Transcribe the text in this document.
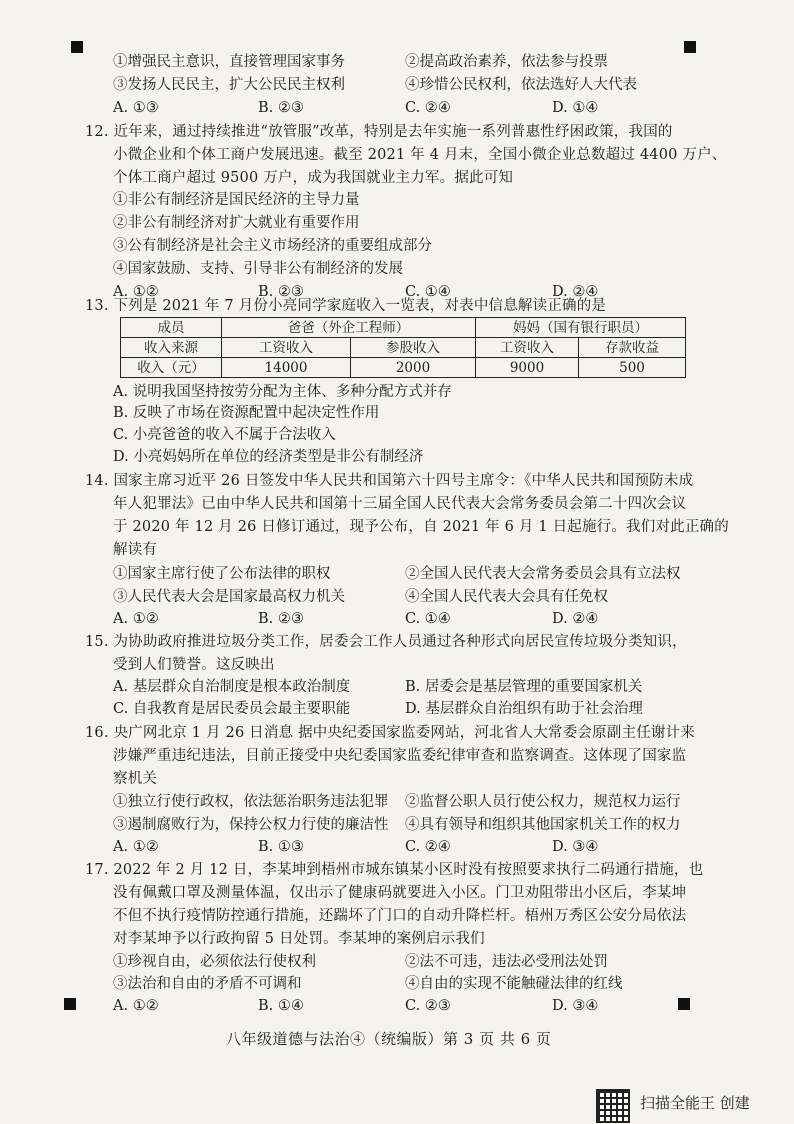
①增强民主意识，直接管理国家事务	②提高政治素养，依法参与投票
③发扬人民民主，扩大公民民主权利	④珍惜公民权利，依法选好人大代表
A. ①③	B. ②③	C. ②④	D. ①④
12. 近年来，通过持续推进“放管服”改革，特别是去年实施一系列普惠性纾困政策，我国的
小微企业和个体工商户发展迅速。截至 2021 年 4 月末，全国小微企业总数超过 4400 万户、
个体工商户超过 9500 万户，成为我国就业主力军。据此可知
①非公有制经济是国民经济的主导力量
②非公有制经济对扩大就业有重要作用
③公有制经济是社会主义市场经济的重要组成部分
④国家鼓励、支持、引导非公有制经济的发展
A. ①②	B. ②③	C. ①④	D. ②④
13. 下列是 2021 年 7 月份小亮同学家庭收入一览表，对表中信息解读正确的是
成员	爸爸（外企工程师）		妈妈（国有银行职员）	
收入来源	工资收入	参股收入	工资收入	存款收益
收入（元）	14000	2000	9000	500
A. 说明我国坚持按劳分配为主体、多种分配方式并存
B. 反映了市场在资源配置中起决定性作用
C. 小亮爸爸的收入不属于合法收入
D. 小亮妈妈所在单位的经济类型是非公有制经济
14. 国家主席习近平 26 日签发中华人民共和国第六十四号主席令：《中华人民共和国预防未成
年人犯罪法》已由中华人民共和国第十三届全国人民代表大会常务委员会第二十四次会议
于 2020 年 12 月 26 日修订通过，现予公布，自 2021 年 6 月 1 日起施行。我们对此正确的
解读有
①国家主席行使了公布法律的职权	②全国人民代表大会常务委员会具有立法权
③人民代表大会是国家最高权力机关	④全国人民代表大会具有任免权
A. ①②	B. ②③	C. ①④	D. ②④
15. 为协助政府推进垃圾分类工作，居委会工作人员通过各种形式向居民宣传垃圾分类知识，
受到人们赞誉。这反映出
A. 基层群众自治制度是根本政治制度	B. 居委会是基层管理的重要国家机关
C. 自我教育是居民委员会最主要职能	D. 基层群众自治组织有助于社会治理
16. 央广网北京 1 月 26 日消息 据中央纪委国家监委网站，河北省人大常委会原副主任谢计来
涉嫌严重违纪违法，目前正接受中央纪委国家监委纪律审查和监察调查。这体现了国家监
察机关
①独立行使行政权，依法惩治职务违法犯罪 ②监督公职人员行使公权力，规范权力运行
③遏制腐败行为，保持公权力行使的廉洁性 ④具有领导和组织其他国家机关工作的权力
A. ①②	B. ①③	C. ②④	D. ③④
17. 2022 年 2 月 12 日，李某坤到梧州市城东镇某小区时没有按照要求执行二码通行措施，也
没有佩戴口罩及测量体温，仅出示了健康码就要进入小区。门卫劝阻带出小区后，李某坤
不但不执行疫情防控通行措施，还踹坏了门口的自动升降栏杆。梧州万秀区公安分局依法
对李某坤予以行政拘留 5 日处罚。李某坤的案例启示我们
①珍视自由，必须依法行使权利	②法不可违，违法必受刑法处罚
③法治和自由的矛盾不可调和	④自由的实现不能触碰法律的红线
A. ①②	B. ①④	C. ②③	D. ③④
八年级道德与法治④（统编版）第 3 页 共 6 页
扫描全能王 创建
